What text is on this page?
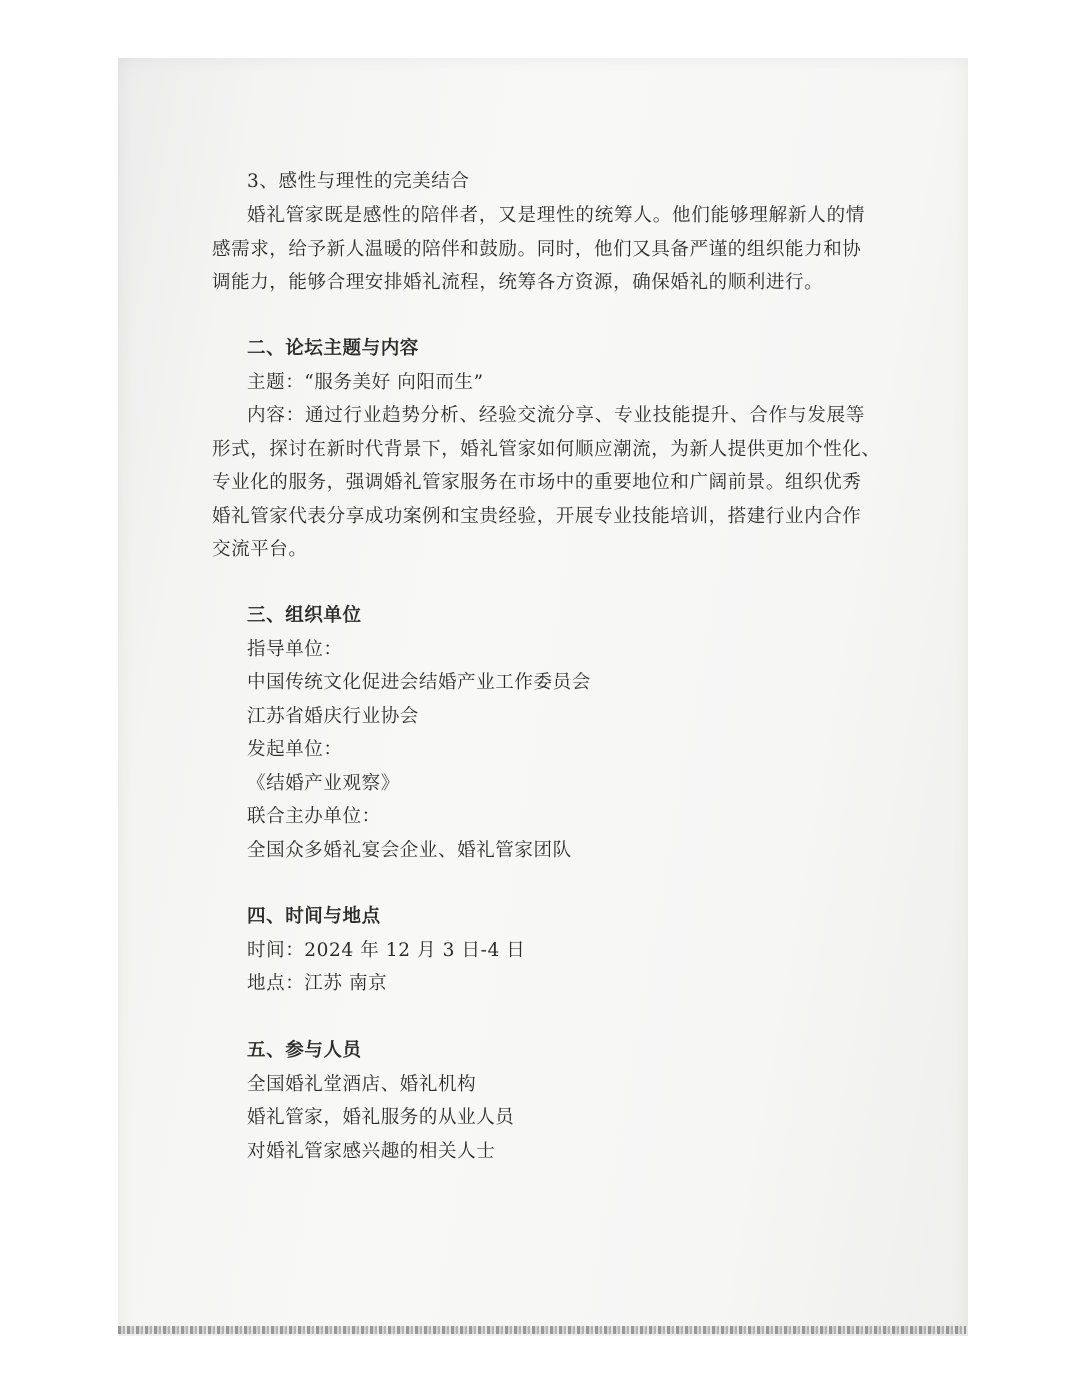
3、感性与理性的完美结合
婚礼管家既是感性的陪伴者，又是理性的统筹人。他们能够理解新人的情
感需求，给予新人温暖的陪伴和鼓励。同时，他们又具备严谨的组织能力和协
调能力，能够合理安排婚礼流程，统筹各方资源，确保婚礼的顺利进行。
二、论坛主题与内容
主题：“服务美好 向阳而生”
内容：通过行业趋势分析、经验交流分享、专业技能提升、合作与发展等
形式，探讨在新时代背景下，婚礼管家如何顺应潮流，为新人提供更加个性化、
专业化的服务，强调婚礼管家服务在市场中的重要地位和广阔前景。组织优秀
婚礼管家代表分享成功案例和宝贵经验，开展专业技能培训，搭建行业内合作
交流平台。
三、组织单位
指导单位：
中国传统文化促进会结婚产业工作委员会
江苏省婚庆行业协会
发起单位：
《结婚产业观察》
联合主办单位：
全国众多婚礼宴会企业、婚礼管家团队
四、时间与地点
时间：2024 年 12 月 3 日-4 日
地点：江苏 南京
五、参与人员
全国婚礼堂酒店、婚礼机构
婚礼管家，婚礼服务的从业人员
对婚礼管家感兴趣的相关人士
